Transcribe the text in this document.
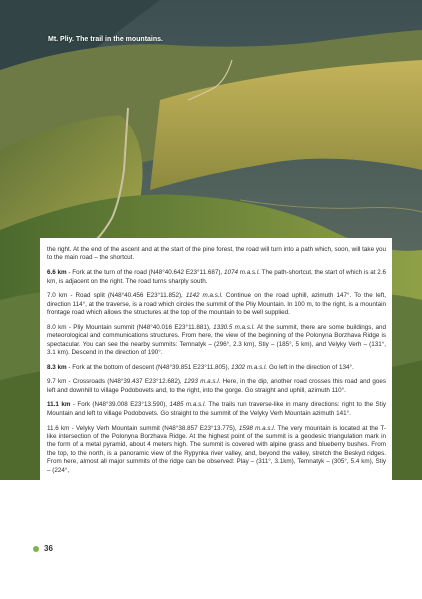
Mt. Pliy. The trail in the mountains.

the right. At the end of the ascent and at the start of the pine forest, the road will turn into a path which, soon, will take you to the main road – the shortcut.

6.6 km - Fork at the turn of the road (N48°40.642 E23°11.687), 1074 m.a.s.l. The path-shortcut, the start of which is at 2.6 km, is adjacent on the right. The road turns sharply south.

7.0 km - Road split (N48°40.456 E23°11.852), 1142 m.a.s.l. Continue on the road uphill, azimuth 147°. To the left, direction 114°, at the traverse, is a road which circles the summit of the Pliy Mountain. In 100 m, to the right, is a mountain frontage road which allows the structures at the top of the mountain to be well supplied.

8.0 km - Pliy Mountain summit (N48°40.016 E23°11.881), 1330.5 m.a.s.l. At the summit, there are some buildings, and meteorological and communications structures. From here, the view of the beginning of the Polonyna Borzhava Ridge is spectacular. You can see the nearby summits: Temnatyk – (296°, 2.3 km), Stiy – (185°, 5 km), and Velyky Verh – (131°, 3.1 km). Descend in the direction of 190°.

8.3 km - Fork at the bottom of descent (N48°39.851 E23°11.805), 1302 m.a.s.l. Go left in the direction of 134°.

9.7 km - Crossroads (N48°39.437 E23°12.682), 1293 m.a.s.l. Here, in the dip, another road crosses this road and goes left and downhill to village Podobovets and, to the right, into the gorge. Go straight and uphill, azimuth 110°.

11.1 km - Fork (N48°39.008 E23°13.590), 1485 m.a.s.l. The trails run traverse-like in many directions: right to the Stiy Mountain and left to village Podobovets. Go straight to the summit of the Velyky Verh Mountain azimuth 141°.

11.6 km - Velyky Verh Mountain summit (N48°38.857 E23°13.775), 1598 m.a.s.l. The very mountain is located at the T-like intersection of the Polonyna Borzhava Ridge. At the highest point of the summit is a geodesic triangulation mark in the form of a metal pyramid, about 4 meters high. The summit is covered with alpine grass and blueberry bushes. From the top, to the north, is a panoramic view of the Rypynka river valley, and, beyond the valley, stretch the Beskyd ridges. From here, almost all major summits of the ridge can be observed: Play – (311°, 3.1km), Temnatyk – (305°, 5.4 km), Stiy – (224°,

36
